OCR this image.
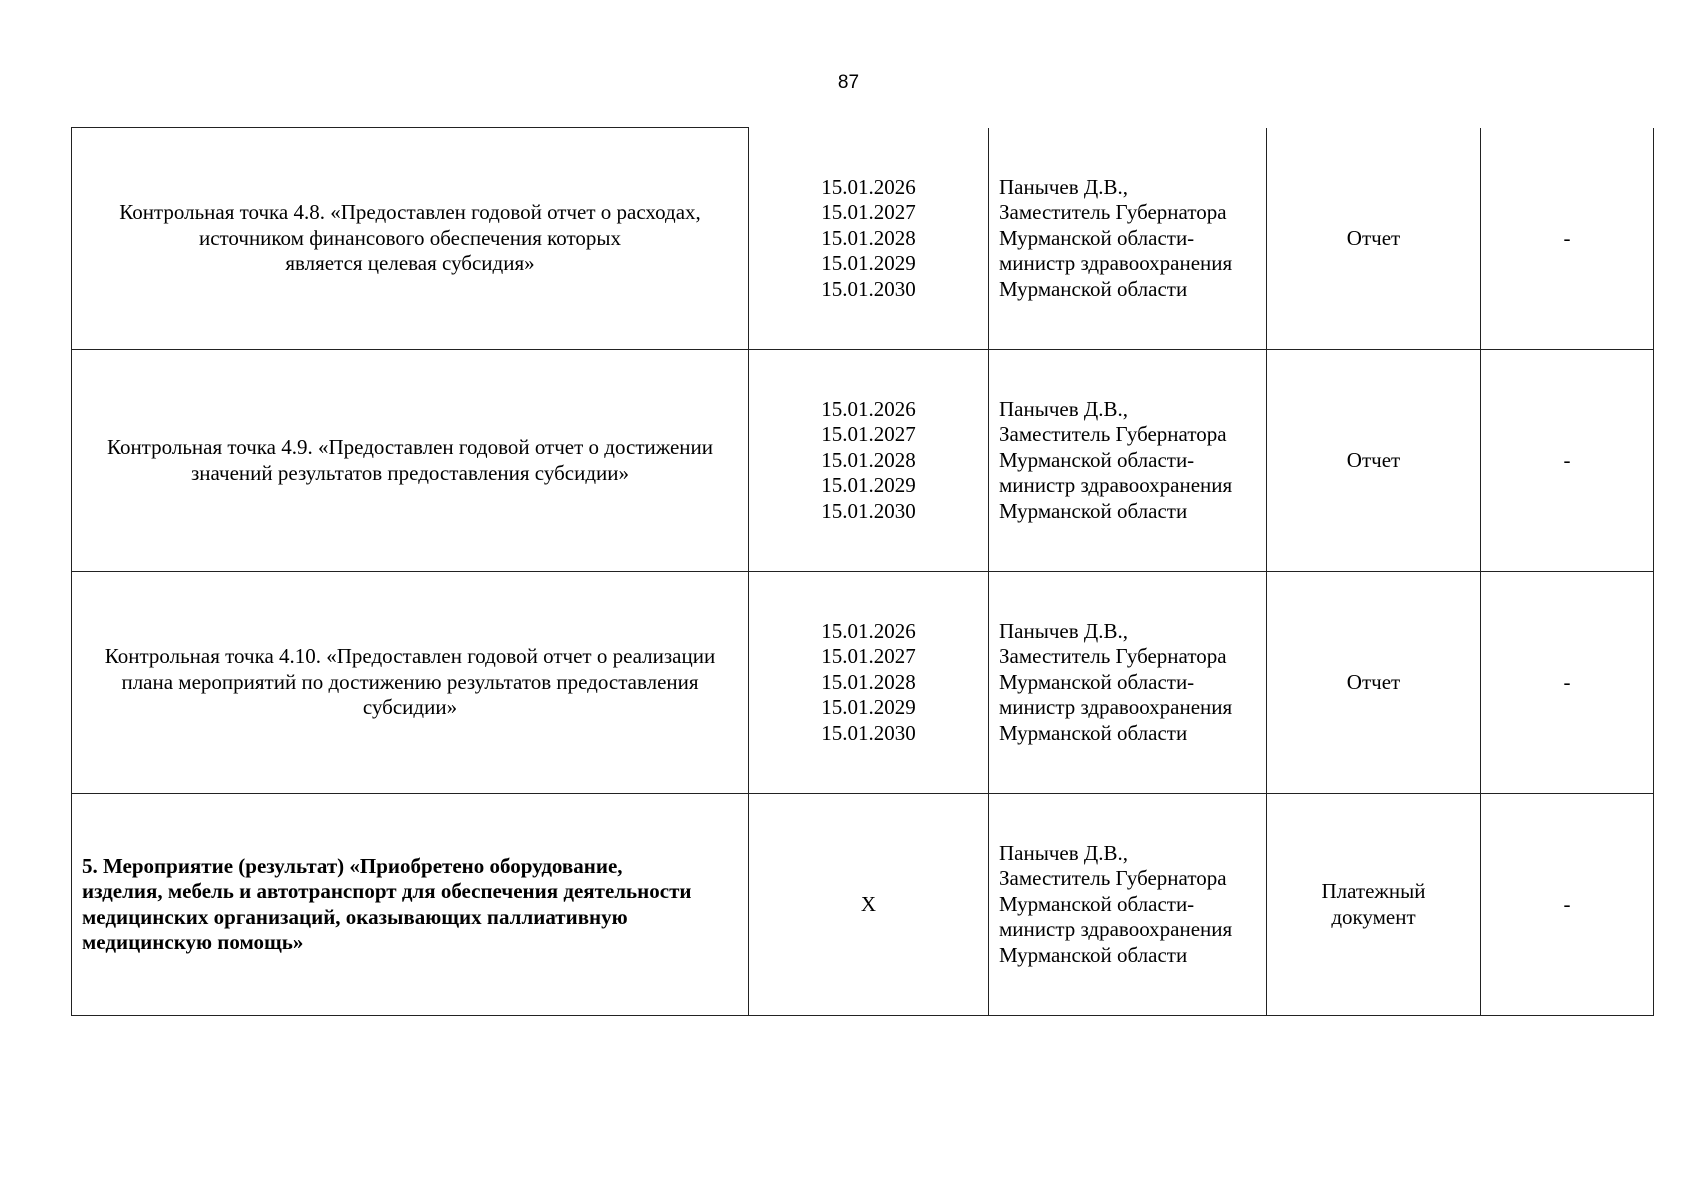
87
Контрольная точка 4.8. «Предоставлен годовой отчет о расходах,
источником финансового обеспечения которых
является целевая субсидия»	15.01.2026
15.01.2027
15.01.2028
15.01.2029
15.01.2030	Панычев Д.В.,
Заместитель Губернатора
Мурманской области-
министр здравоохранения
Мурманской области	Отчет	-

Контрольная точка 4.9. «Предоставлен годовой отчет о достижении
значений результатов предоставления субсидии»	15.01.2026
15.01.2027
15.01.2028
15.01.2029
15.01.2030	Панычев Д.В.,
Заместитель Губернатора
Мурманской области-
министр здравоохранения
Мурманской области	Отчет	-

Контрольная точка 4.10. «Предоставлен годовой отчет о реализации
плана мероприятий по достижению результатов предоставления
субсидии»	15.01.2026
15.01.2027
15.01.2028
15.01.2029
15.01.2030	Панычев Д.В.,
Заместитель Губернатора
Мурманской области-
министр здравоохранения
Мурманской области	Отчет	-

5. Мероприятие (результат) «Приобретено оборудование,
изделия, мебель и автотранспорт для обеспечения деятельности
медицинских организаций, оказывающих паллиативную
медицинскую помощь»	X	Панычев Д.В.,
Заместитель Губернатора
Мурманской области-
министр здравоохранения
Мурманской области	Платежный
документ	-
